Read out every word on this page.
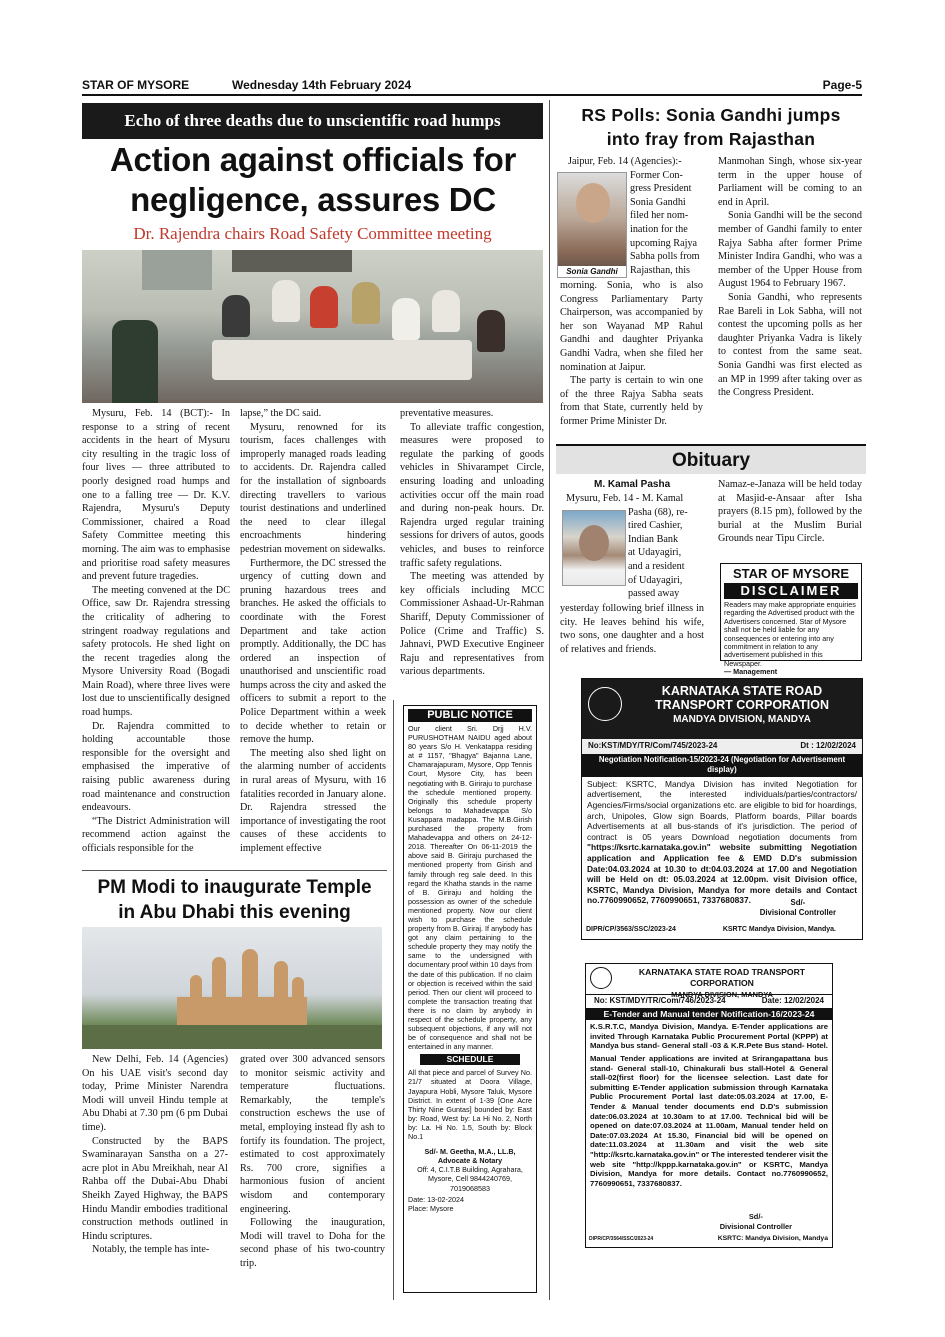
STAR OF MYSORE	Wednesday 14th February 2024	Page-5
Echo of three deaths due to unscientific road humps
Action against officials for
negligence, assures DC
Dr. Rajendra chairs Road Safety Committee meeting

Mysuru, Feb. 14 (BCT):- In response to a string of recent accidents in the heart of Mysuru city resulting in the tragic loss of four lives — three attributed to poorly designed road humps and one to a falling tree — Dr. K.V. Rajendra, Mysuru's Deputy Commissioner, chaired a Road Safety Committee meeting this morning. The aim was to emphasise and prioritise road safety measures and prevent future tragedies.

The meeting convened at the DC Office, saw Dr. Rajendra stressing the criticality of adhering to stringent roadway regulations and safety protocols. He shed light on the recent tragedies along the Mysore University Road (Bogadi Main Road), where three lives were lost due to unscientifically designed road humps.

Dr. Rajendra committed to holding accountable those responsible for the oversight and emphasised the imperative of raising public awareness during road maintenance and construction endeavours.

“The District Administration will recommend action against the officials responsible for the

lapse,” the DC said.

Mysuru, renowned for its tourism, faces challenges with improperly managed roads leading to accidents. Dr. Rajendra called for the installation of signboards directing travellers to various tourist destinations and underlined the need to clear illegal encroachments hindering pedestrian movement on sidewalks.

Furthermore, the DC stressed the urgency of cutting down and pruning hazardous trees and branches. He asked the officials to coordinate with the Forest Department and take action promptly. Additionally, the DC has ordered an inspection of unauthorised and unscientific road humps across the city and asked the officers to submit a report to the Police Department within a week to decide whether to retain or remove the hump.

The meeting also shed light on the alarming number of accidents in rural areas of Mysuru, with 16 fatalities recorded in January alone. Dr. Rajendra stressed the importance of investigating the root causes of these accidents to implement effective

preventative measures.

To alleviate traffic congestion, measures were proposed to regulate the parking of goods vehicles in Shivarampet Circle, ensuring loading and unloading activities occur off the main road and during non-peak hours. Dr. Rajendra urged regular training sessions for drivers of autos, goods vehicles, and buses to reinforce traffic safety regulations.

The meeting was attended by key officials including MCC Commissioner Ashaad-Ur-Rahman Shariff, Deputy Commissioner of Police (Crime and Traffic) S. Jahnavi, PWD Executive Engineer Raju and representatives from various departments.

RS Polls: Sonia Gandhi jumps
into fray from Rajasthan
Sonia Gandhi
Jaipur, Feb. 14 (Agencies):-
Former Con-
gress President
Sonia Gandhi
filed her nom-
ination for the
upcoming Rajya
Sabha polls from
Rajasthan, this

morning. Sonia, who is also Congress Parliamentary Party Chairperson, was accompanied by her son Wayanad MP Rahul Gandhi and daughter Priyanka Gandhi Vadra, when she filed her nomination at Jaipur.

The party is certain to win one of the three Rajya Sabha seats from that State, currently held by former Prime Minister Dr.

Manmohan Singh, whose six-year term in the upper house of Parliament will be coming to an end in April.

Sonia Gandhi will be the second member of Gandhi family to enter Rajya Sabha after former Prime Minister Indira Gandhi, who was a member of the Upper House from August 1964 to February 1967.

Sonia Gandhi, who represents Rae Bareli in Lok Sabha, will not contest the upcoming polls as her daughter Priyanka Vadra is likely to contest from the same seat. Sonia Gandhi was first elected as an MP in 1999 after taking over as the Congress President.

Obituary
M. Kamal Pasha
Mysuru, Feb. 14 - M. Kamal
Pasha (68), re-
tired Cashier,
Indian Bank
at Udayagiri,
and a resident
of Udayagiri,
passed away
yesterday following brief illness in city. He leaves behind his wife, two sons, one daughter and a host of relatives and friends.
Namaz-e-Janaza will be held today at Masjid-e-Ansaar after Isha prayers (8.15 pm), followed by the burial at the Muslim Burial Grounds near Tipu Circle.
STAR OF MYSORE
DISCLAIMER
Readers may make appropriate enquiries regarding the Advertised product with the Advertisers concerned. Star of Mysore shall not be held liable for any consequences or entering into any commitment in relation to any advertisement published in this Newspaper.
— Management
PUBLIC NOTICE
Our client Sri. Drjj H.V. PURUSHOTHAM NAIDU aged about 80 years S/o H. Venkatappa residing at # 1157, "Bhagya" Bajanna Lane, Chamarajapuram, Mysore, Opp Tennis Court, Mysore City, has been negotiating with B. Giriraju to purchase the schedule mentioned property. Originally this schedule property belongs to Mahadevappa S/o Kusappara madappa. The M.B.Girish purchased the property from Mahadevappa and others on 24-12-2018. Thereafter On 06-11-2019 the above said B. Giriraju purchased the mentioned property from Girish and family through reg sale deed. In this regard the Khatha stands in the name of B. Giriraju and holding the possession as owner of the schedule mentioned property. Now our client wish to purchase the schedule property from B. Giriraj. If anybody has got any claim pertaining to the schedule property they may notify the same to the undersigned with documentary proof within 10 days from the date of this publication. If no claim or objection is received within the said period. Then our client will proceed to complete the transaction treating that there is no claim by anybody in respect of the schedule property, any subsequent objections, if any will not be of consequence and shall not be entertained in any manner.
SCHEDULE
All that piece and parcel of Survey No. 21/7 situated at Doora Village, Jayapura Hobli, Mysore Taluk, Mysore District. In extent of 1-39 [One Acre Thirty Nine Guntas] bounded by: East by: Road, West by: La Hi No. 2, North by: La. Hi No. 1.5, South by: Block No.1
Sd/- M. Geetha, M.A., LL.B, Advocate & Notary
Off: 4, C.I.T.B Building, Agrahara, Mysore, Cell 9844240769, 7019068583
Date: 13-02-2024
Place: Mysore
KARNATAKA STATE ROAD
TRANSPORT CORPORATION
MANDYA DIVISION, MANDYA
No:KST/MDY/TR/Com/745/2023-24	Dt : 12/02/2024
Negotiation Notification-15/2023-24 (Negotiation for Advertisement display)
Subject: KSRTC, Mandya Division has invited Negotiation for advertisement, the interested individuals/parties/contractors/ Agencies/Firms/social organizations etc. are eligible to bid for hoardings, arch, Unipoles, Glow sign Boards, Platform boards, Pillar boards Advertisements at all bus-stands of it's jurisdiction. The period of contract is 05 years Download negotiation documents from "https://ksrtc.karnataka.gov.in" website submitting Negotiation application and Application fee & EMD D.D's submission Date:04.03.2024 at 10.30 to dt:04.03.2024 at 17.00 and Negotiation will be Held on dt: 05.03.2024 at 12.00pm. visit Division office, KSRTC, Mandya Division, Mandya for more details and Contact no.7760990652, 7760990651, 7337680837.	Sd/-
Divisional Controller
DIPR/CP/3563/SSC/2023-24	KSRTC Mandya Division, Mandya.
KARNATAKA STATE ROAD TRANSPORT CORPORATION
MANDYA DIVISION, MANDYA
No: KST/MDY/TR/Com/746/2023-24	Date: 12/02/2024
E-Tender and Manual tender Notification-16/2023-24
K.S.R.T.C, Mandya Division, Mandya. E-Tender applications are invited Through Karnataka Public Procurement Portal (KPPP) at Mandya bus stand- General stall -03 & K.R.Pete Bus stand- Hotel.
Manual Tender applications are invited at Srirangapattana bus stand- General stall-10, Chinakurali bus stall-Hotel & General stall-02(first floor) for the licensee selection. Last date for submitting E-Tender application submission through Karnataka Public Procurement Portal last date:05.03.2024 at 17.00, E-Tender & Manual tender documents end D.D's submission date:06.03.2024 at 10.30am to at 17.00. Technical bid will be opened on date:07.03.2024 at 11.00am, Manual tender held on Date:07.03.2024 At 15.30, Financial bid will be opened on date:11.03.2024 at 11.30am and visit the web site "http://ksrtc.karnataka.gov.in" or The interested tenderer visit the web site "http://kppp.karnataka.gov.in" or KSRTC, Mandya Division, Mandya for more details. Contact no.7760990652, 7760990651, 7337680837.
Sd/-
Divisional Controller
DIPR/CP/3564/SSC/2023-24	KSRTC: Mandya Division, Mandya
PM Modi to inaugurate Temple
in Abu Dhabi this evening

New Delhi, Feb. 14 (Agencies) On his UAE visit's second day today, Prime Minister Narendra Modi will unveil Hindu temple at Abu Dhabi at 7.30 pm (6 pm Dubai time).

Constructed by the BAPS Swaminarayan Sanstha on a 27-acre plot in Abu Mreikhah, near Al Rahba off the Dubai-Abu Dhabi Sheikh Zayed Highway, the BAPS Hindu Mandir embodies traditional construction methods outlined in Hindu scriptures.

Notably, the temple has inte-

grated over 300 advanced sensors to monitor seismic activity and temperature fluctuations. Remarkably, the temple's construction eschews the use of metal, employing instead fly ash to fortify its foundation. The project, estimated to cost approximately Rs. 700 crore, signifies a harmonious fusion of ancient wisdom and contemporary engineering.

Following the inauguration, Modi will travel to Doha for the second phase of his two-country trip.
